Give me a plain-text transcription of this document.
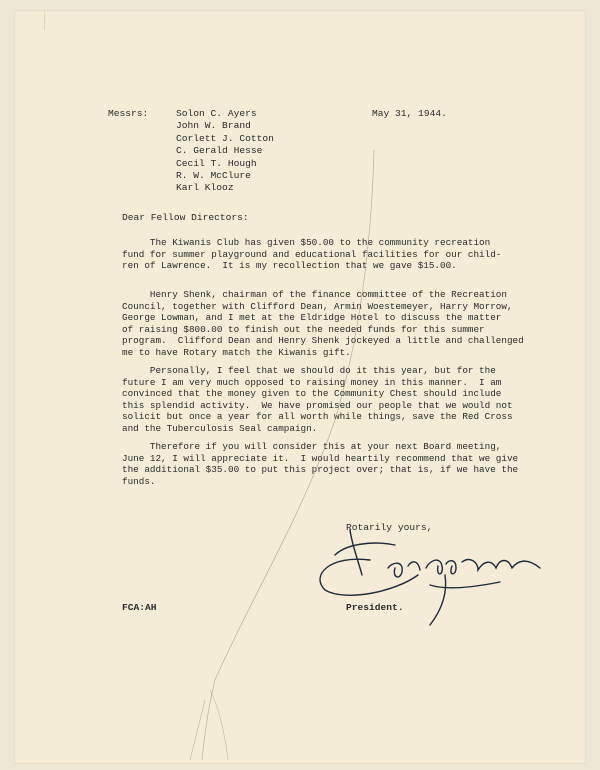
Messrs:	Solon C. Ayers
John W. Brand
Corlett J. Cotton
C. Gerald Hesse
Cecil T. Hough
R. W. McClure
Karl Klooz
May 31, 1944.
Dear Fellow Directors:
The Kiwanis Club has given $50.00 to the community recreation
fund for summer playground and educational facilities for our child-
ren of Lawrence.  It is my recollection that we gave $15.00.
Henry Shenk, chairman of the finance committee of the Recreation
Council, together with Clifford Dean, Armin Woestemeyer, Harry Morrow,
George Lowman, and I met at the Eldridge Hotel to discuss the matter
of raising $800.00 to finish out the needed funds for this summer
program.  Clifford Dean and Henry Shenk jockeyed a little and challenged
me to have Rotary match the Kiwanis gift.
Personally, I feel that we should do it this year, but for the
future I am very much opposed to raising money in this manner.  I am
convinced that the money given to the Community Chest should include
this splendid activity.  We have promised our people that we would not
solicit but once a year for all worth while things, save the Red Cross
and the Tuberculosis Seal campaign.
Therefore if you will consider this at your next Board meeting,
June 12, I will appreciate it.  I would heartily recommend that we give
the additional $35.00 to put this project over; that is, if we have the
funds.
Rotarily yours,
FCA:AH	President.
